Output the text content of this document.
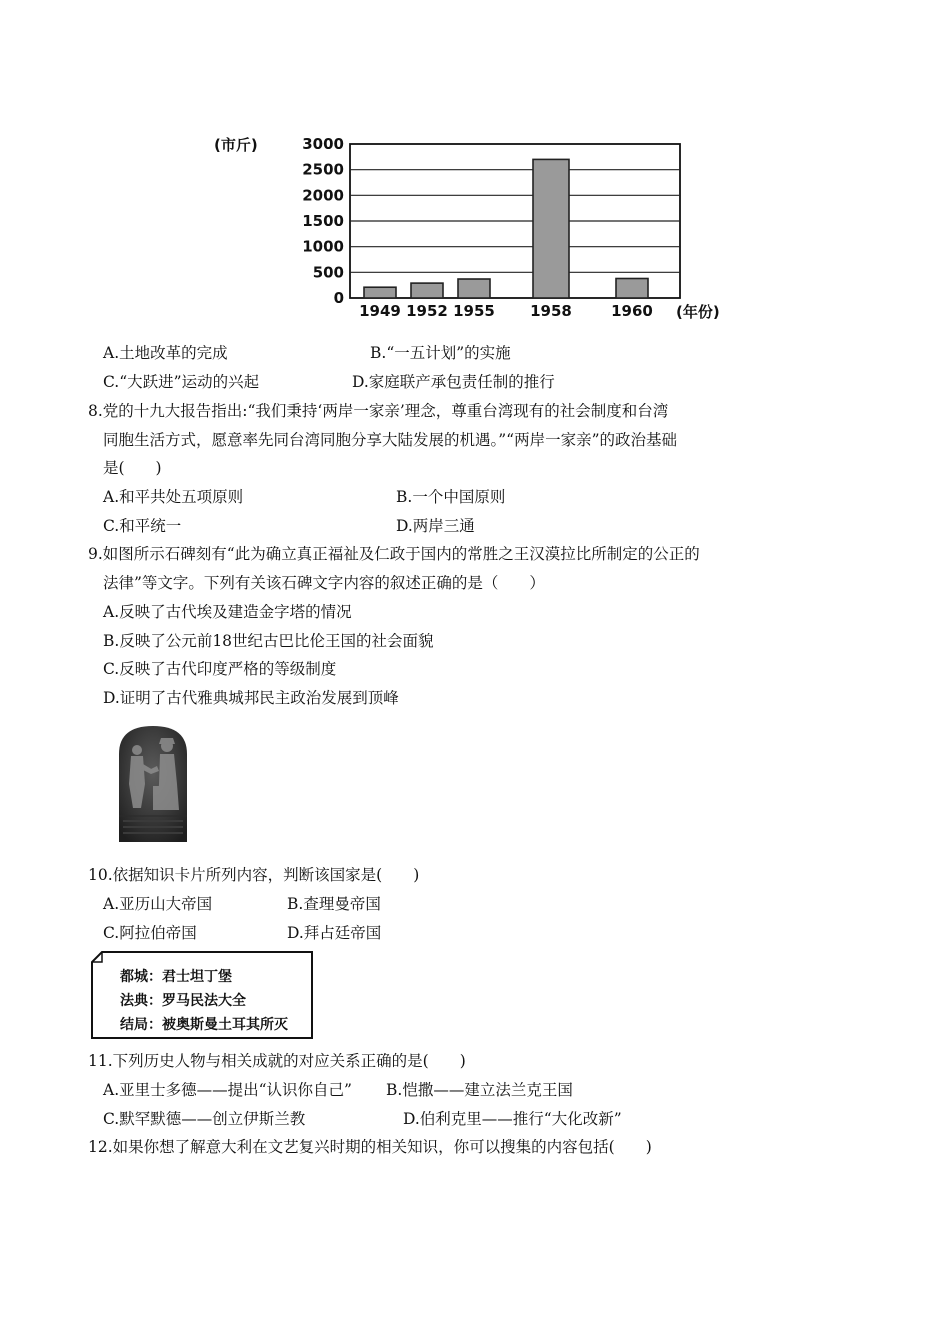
(市斤)
0
500
1000
1500
2000
2500
3000
1949 1952 1955 1958	1960 (年份)
A.土地改革的完成	B.“一五计划”的实施
C.“大跃进”运动的兴起	D.家庭联产承包责任制的推行
8.党的十九大报告指出:“我们秉持‘两岸一家亲’理念，尊重台湾现有的社会制度和台湾
同胞生活方式，愿意率先同台湾同胞分享大陆发展的机遇。”“两岸一家亲”的政治基础
是(　　)
A.和平共处五项原则	B.一个中国原则
C.和平统一	D.两岸三通
9.如图所示石碑刻有“此为确立真正福祉及仁政于国内的常胜之王汉漠拉比所制定的公正的
法律”等文字。下列有关该石碑文字内容的叙述正确的是（　　）
A.反映了古代埃及建造金字塔的情况
B.反映了公元前18世纪古巴比伦王国的社会面貌
C.反映了古代印度严格的等级制度
D.证明了古代雅典城邦民主政治发展到顶峰
10.依据知识卡片所列内容，判断该国家是(　　)
A.亚历山大帝国	B.查理曼帝国
C.阿拉伯帝国	D.拜占廷帝国
都城：君士坦丁堡
法典：罗马民法大全
结局：被奥斯曼土耳其所灭
11.下列历史人物与相关成就的对应关系正确的是(　　)
A.亚里士多德——提出“认识你自己” B.恺撒——建立法兰克王国
C.默罕默德——创立伊斯兰教	D.伯利克里——推行“大化改新”
12.如果你想了解意大利在文艺复兴时期的相关知识，你可以搜集的内容包括(　　)
